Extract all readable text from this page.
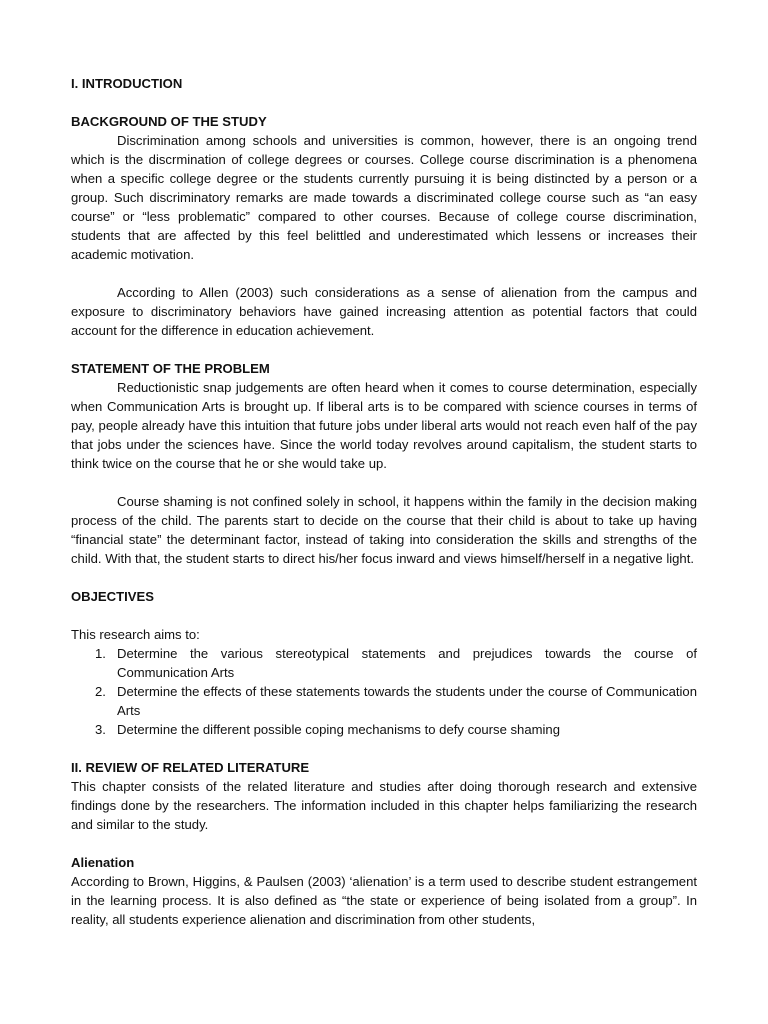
I. INTRODUCTION

BACKGROUND OF THE STUDY

Discrimination among schools and universities is common, however, there is an ongoing trend which is the discrmination of college degrees or courses. College course discrimination is a phenomena when a specific college degree or the students currently pursuing it is being distincted by a person or a group. Such discriminatory remarks are made towards a discriminated college course such as “an easy course” or “less problematic” compared to other courses. Because of college course discrimination, students that are affected by this feel belittled and underestimated which lessens or increases their academic motivation.

According to Allen (2003) such considerations as a sense of alienation from the campus and exposure to discriminatory behaviors have gained increasing attention as potential factors that could account for the difference in education achievement.

STATEMENT OF THE PROBLEM

Reductionistic snap judgements are often heard when it comes to course determination, especially when Communication Arts is brought up. If liberal arts is to be compared with science courses in terms of pay, people already have this intuition that future jobs under liberal arts would not reach even half of the pay that jobs under the sciences have. Since the world today revolves around capitalism, the student starts to think twice on the course that he or she would take up.

Course shaming is not confined solely in school, it happens within the family in the decision making process of the child. The parents start to decide on the course that their child is about to take up having “financial state” the determinant factor, instead of taking into consideration the skills and strengths of the child. With that, the student starts to direct his/her focus inward and views himself/herself in a negative light.

OBJECTIVES

This research aims to:

Determine the various stereotypical statements and prejudices towards the course of Communication Arts
Determine the effects of these statements towards the students under the course of Communication Arts
Determine the different possible coping mechanisms to defy course shaming

II. REVIEW OF RELATED LITERATURE

This chapter consists of the related literature and studies after doing thorough research and extensive findings done by the researchers. The information included in this chapter helps familiarizing the research and similar to the study.

Alienation

According to Brown, Higgins, & Paulsen (2003) ‘alienation’ is a term used to describe student estrangement in the learning process. It is also defined as “the state or experience of being isolated from a group”. In reality, all students experience alienation and discrimination from other students,
